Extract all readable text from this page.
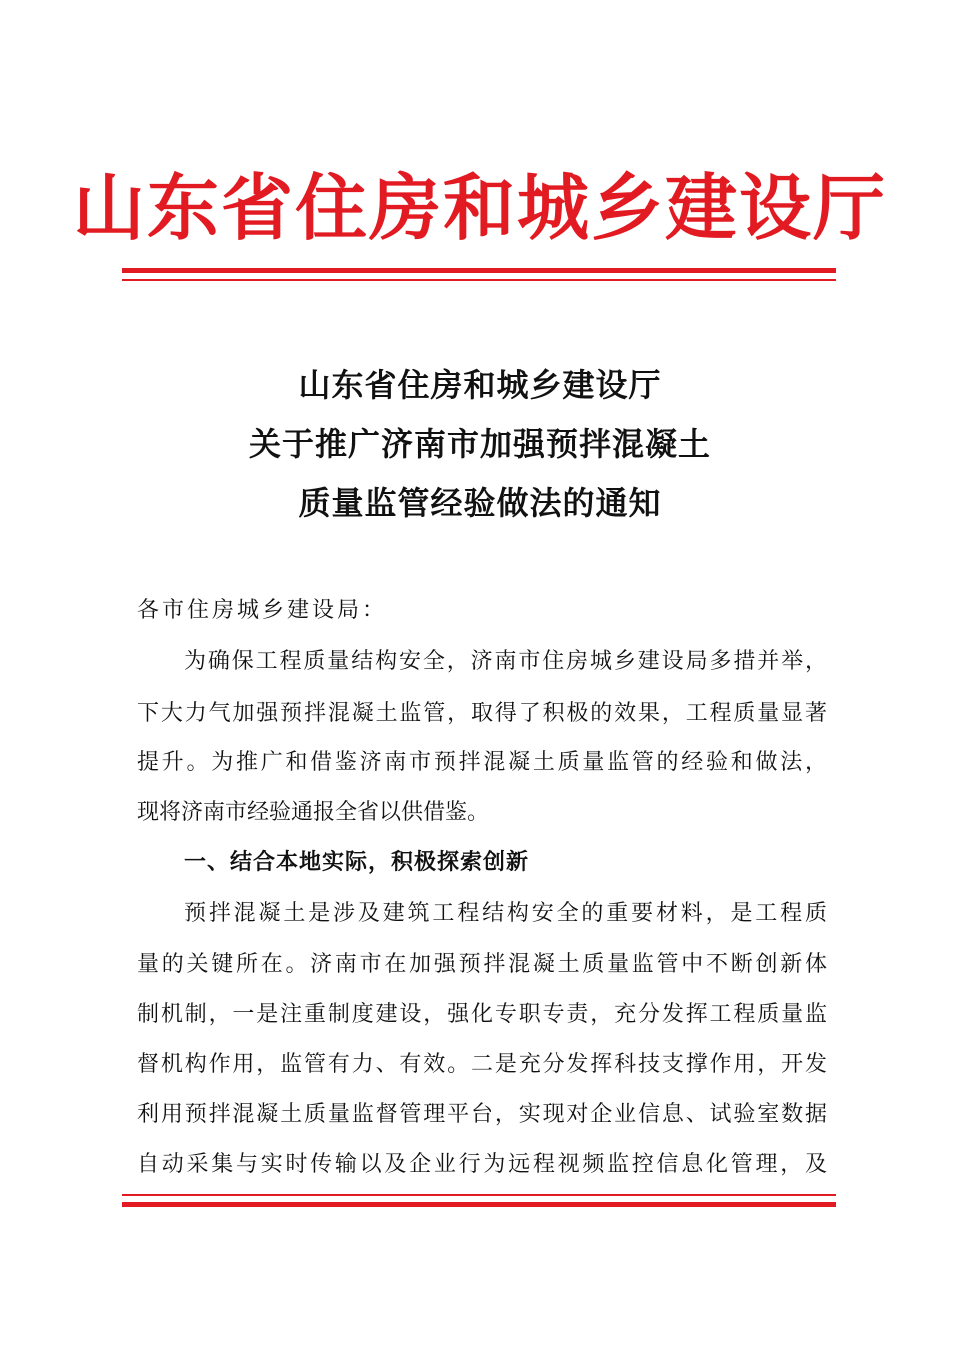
山东省住房和城乡建设厅
山东省住房和城乡建设厅
关于推广济南市加强预拌混凝土
质量监管经验做法的通知
各市住房城乡建设局：
为确保工程质量结构安全，济南市住房城乡建设局多措并举，
下大力气加强预拌混凝土监管，取得了积极的效果，工程质量显著
提升。为推广和借鉴济南市预拌混凝土质量监管的经验和做法，
现将济南市经验通报全省以供借鉴。
一、结合本地实际，积极探索创新
预拌混凝土是涉及建筑工程结构安全的重要材料，是工程质
量的关键所在。济南市在加强预拌混凝土质量监管中不断创新体
制机制，一是注重制度建设，强化专职专责，充分发挥工程质量监
督机构作用，监管有力、有效。二是充分发挥科技支撑作用，开发
利用预拌混凝土质量监督管理平台，实现对企业信息、试验室数据
自动采集与实时传输以及企业行为远程视频监控信息化管理，及
